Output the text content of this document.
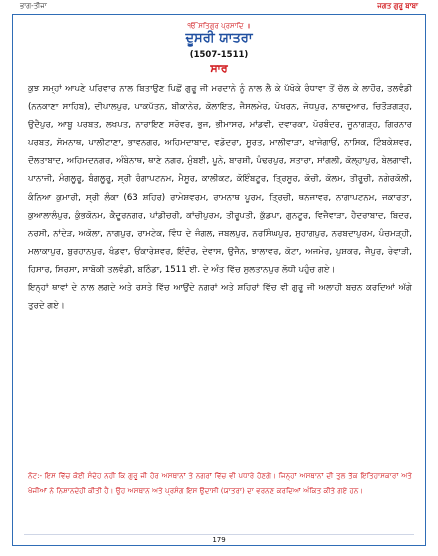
ਭਾਗ-ਤੀਜਾ	ਜਗਤ ਗੁਰੂ ਬਾਬਾ
ੴ ਸਤਿਗੁਰ ਪ੍ਰਸਾਦਿ ॥
ਦੂਸਰੀ ਯਾਤਰਾ
(1507-1511)
ਸਾਰ

ਕੁਝ ਸਮ੍ਹਾਂ ਆਪਣੇ ਪਰਿਵਾਰ ਨਾਲ ਬਿਤਾਉਣ ਪਿਛੋਂ ਗੁਰੂ ਜੀ ਮਰਦਾਨੇ ਨੂੰ ਨਾਲ ਲੈ ਕੇ ਪੱਖੋਕੇ ਰੰਧਾਵਾ ਤੋਂ ਚੱਲ ਕੇ ਲਾਹੌਰ, ਤਲਵੰਡੀ (ਨਨਕਾਣਾ ਸਾਹਿਬ), ਦੀਪਾਲਪੁਰ, ਪਾਕਪੱਤਨ, ਬੀਕਾਨੇਰ, ਕੋਲਾਇਤ, ਜੈਸਲਮੇਰ, ਪੋਖਰਨ, ਜੋਧਪੁਰ, ਨਾਥਦੁਆਰ, ਚਿਤੌੜਗੜ੍ਹ, ਉਦੈਪੁਰ, ਆਬੂ ਪਰਬਤ, ਲਖਪਤ, ਨਾਰਾਇਣ ਸਰੋਵਰ, ਭੁਜ, ਭੀਮਾਸਰ, ਮਾਂਡਵੀ, ਦਵਾਰਕਾ, ਪੋਰਬੰਦਰ, ਜੂਨਾਗੜ੍ਹ, ਗਿਰਨਾਰ ਪਰਬਤ, ਸੋਮਨਾਥ, ਪਾਲੀਟਾਣਾ, ਭਾਵਨਗਰ, ਅਹਿਮਦਾਬਾਦ, ਵਡੋਦਰਾ, ਸੂਰਤ, ਮਾਲੀਵਾੜਾ, ਖਾਜੇਗਾਓਂ, ਨਾਸਿਕ, ਟਿੰਬਕੇਸ਼ਵਰ, ਦੌਲਤਾਬਾਦ, ਅਹਿਮਦਨਗਰ, ਅੰਬੇਨਾਥ, ਥਾਣੇ ਨਗਰ, ਮੁੰਬਈ, ਪੂਨੇ, ਬਾਰਸ਼ੀ, ਪੰਢਰਪੁਰ, ਸਤਾਰਾ, ਸਾਂਗਲੀ, ਕੋਲ੍ਹਾਪੁਰ, ਬੇਲਗਾਵੀ, ਪਾਨਾਜੀ, ਮੰਗਲੂਰੂ, ਬੰਗਲੂਰੂ, ਸ੍ਰੀ ਰੰਗਾਪਟਨਮ, ਮੈਸੂਰ, ਕਾਲੀਕਟ, ਕੋਇੰਬਟੂਰ, ਤ੍ਰਿਸੂਰ, ਕੋਚੀ, ਕੋਲਮ, ਤੀਰੂਚੀ, ਨਗੇਰਕੋਲੀ, ਕੰਨਿਆ ਕੁਮਾਰੀ, ਸ੍ਰੀ ਲੰਕਾ (63 ਸ਼ਹਿਰ) ਰਾਮੇਸ਼ਵਰਮ, ਰਾਮਨਾਥ ਪੂਰਮ, ਤ੍ਰਿਚੀ, ਥਨਜਾਵਰ, ਨਾਗਾਪਟਨਮ, ਜਕਾਰਤਾ, ਕੁਆਲਾਲੰਪੁਰ, ਕੁੰਭਕੋਨਮ, ਕੈਦੂਰਨਗਰ, ਪਾਂਡੀਚਰੀ, ਕਾਂਚੀਪੁਰਮ, ਤੀਰੂਪਤੀ, ਕੁੱਡਪਾ, ਗੁਨਟੂਰ, ਵਿਜੈਵਾੜਾ, ਹੈਦਰਾਬਾਦ, ਬਿਦਰ, ਨਰਸੀ, ਨਾਂਦੇੜ, ਅਕੋਲਾ, ਨਾਗਪੁਰ, ਰਾਮਟੇਕ, ਵਿੰਧ ਦੇ ਜੰਗਲ, ਜਬਲਪੁਰ, ਨਰਸਿੰਘਪੁਰ, ਸੁਹਾਗਪੁਰ, ਨਰਬਦਾਪੁਰਮ, ਪੰਚਮੜ੍ਹੀ, ਮਲਾਕਾਪੁਰ, ਬੁਰਹਾਨਪੁਰ, ਖੰਡਵਾ, ਓਂਕਾਰੇਸ਼ਵਰ, ਇੰਦੌਰ, ਦੇਵਾਸ, ਉਜੈਨ, ਝਾਲਾਵਰ, ਕੋਟਾ, ਅਜਮੇਰ, ਪੁਸ਼ਕਰ, ਜੈਪੁਰ, ਰੇਵਾੜੀ, ਹਿਸਾਰ, ਸਿਰਸਾ, ਸਾਬੋਕੀ ਤਲਵੰਡੀ, ਬਠਿੰਡਾ, 1511 ਈ. ਦੇ ਅੰਤ ਵਿੱਚ ਸੁਲਤਾਨਪੁਰ ਲੋਧੀ ਪਹੁੰਚ ਗਏ।

ਇਨ੍ਹਾਂ ਥਾਵਾਂ ਦੇ ਨਾਲ ਲਗਦੇ ਅਤੇ ਰਸਤੇ ਵਿੱਚ ਆਉਂਦੇ ਨਗਰਾਂ ਅਤੇ ਸ਼ਹਿਰਾਂ ਵਿੱਚ ਵੀ ਗੁਰੂ ਜੀ ਅਲਾਹੀ ਬਚਨ ਕਰਦਿਆਂ ਅੱਗੇ ਤੁਰਦੇ ਗਏ।

ਨੋਟ:- ਇਸ ਵਿੱਚ ਕੋਈ ਸੰਦੇਹ ਨਹੀਂ ਕਿ ਗੁਰੂ ਜੀ ਹੋਰ ਅਸਥਾਨਾਂ ਤੇ ਨਗਰਾਂ ਵਿੱਚ ਵੀ ਪਧਾਰੇ ਹੋਣਗੇ। ਜਿਨ੍ਹਾਂ ਅਸਥਾਨਾਂ ਦੀ ਤੁਲ ਤੱਕ ਇਤਿਹਾਸਕਾਰਾਂ ਅਤੇ ਖੋਜੀਆਂ ਨੇ ਨਿਸ਼ਾਨਦੇਹੀ ਕੀਤੀ ਹੈ। ਉਹ ਅਸਥਾਨ ਅਤੇ ਪ੍ਰਸੰਗ ਇਸ ਉਦਾਸੀ (ਯਾਤਰਾ) ਦਾ ਵਰਨਣ ਕਰਦਿਆਂ ਅੰਕਿਤ ਕੀਤੇ ਗਏ ਹਨ।
179
